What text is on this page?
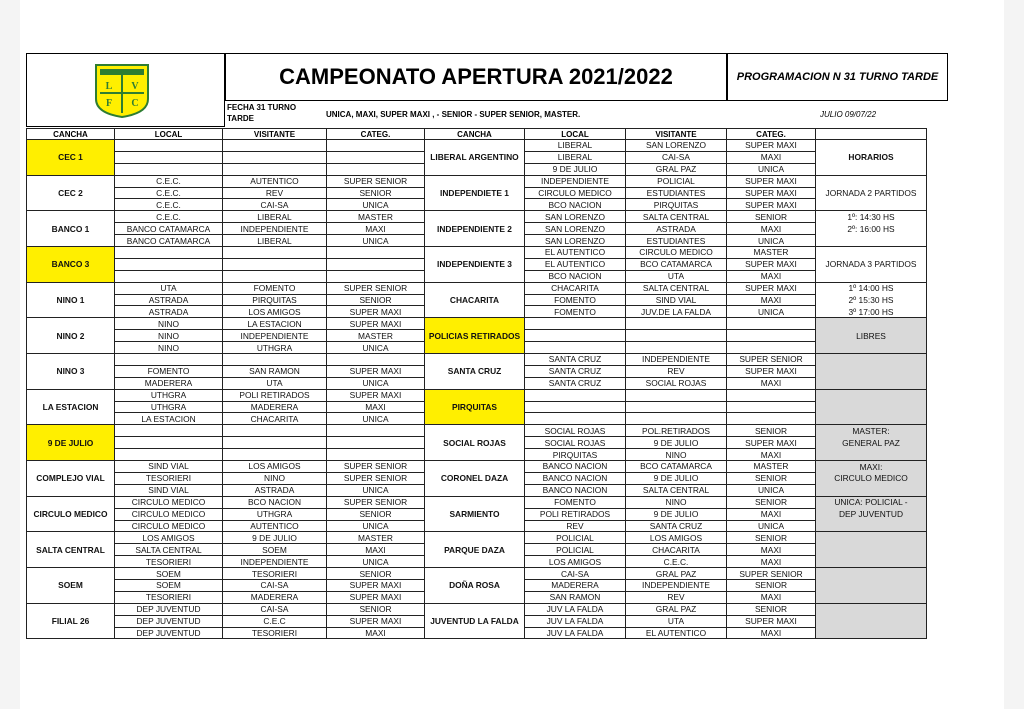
L V
F C
CAMPEONATO APERTURA 2021/2022	PROGRAMACION N 31 TURNO TARDE
FECHA 31 TURNO TARDE	UNICA, MAXI, SUPER MAXI , - SENIOR - SUPER SENIOR, MASTER.	JULIO 09/07/22
CANCHA	LOCAL	VISITANTE	CATEG.	CANCHA	LOCAL	VISITANTE	CATEG.	
CEC 1				LIBERAL ARGENTINO	LIBERAL	SAN LORENZO	SUPER MAXI	
					LIBERAL	CAI-SA	MAXI	HORARIOS
					9 DE JULIO	GRAL PAZ	UNICA	
CEC 2	C.E.C.	AUTENTICO	SUPER SENIOR	INDEPENDIETE 1	INDEPENDIENTE	POLICIAL	SUPER MAXI	
	C.E.C.	REV	SENIOR		CIRCULO MEDICO	ESTUDIANTES	SUPER MAXI	JORNADA 2 PARTIDOS
	C.E.C.	CAI-SA	UNICA		BCO NACION	PIRQUITAS	SUPER MAXI	
BANCO 1	C.E.C.	LIBERAL	MASTER	INDEPENDIENTE 2	SAN LORENZO	SALTA CENTRAL	SENIOR	1º: 14:30 HS
	BANCO CATAMARCA	INDEPENDIENTE	MAXI		SAN LORENZO	ASTRADA	MAXI	2º: 16:00 HS
	BANCO CATAMARCA	LIBERAL	UNICA		SAN LORENZO	ESTUDIANTES	UNICA	
BANCO 3				INDEPENDIENTE 3	EL AUTENTICO	CIRCULO MEDICO	MASTER	
					EL AUTENTICO	BCO CATAMARCA	SUPER MAXI	JORNADA 3 PARTIDOS
					BCO NACION	UTA	MAXI	
NINO 1	UTA	FOMENTO	SUPER SENIOR	CHACARITA	CHACARITA	SALTA CENTRAL	SUPER MAXI	1º 14:00 HS
	ASTRADA	PIRQUITAS	SENIOR		FOMENTO	SIND VIAL	MAXI	2º 15:30 HS
	ASTRADA	LOS AMIGOS	SUPER MAXI		FOMENTO	JUV.DE LA FALDA	UNICA	3º 17:00 HS
NINO 2	NINO	LA ESTACION	SUPER MAXI	POLICIAS RETIRADOS				
	NINO	INDEPENDIENTE	MASTER					LIBRES
	NINO	UTHGRA	UNICA					
NINO 3				SANTA CRUZ	SANTA CRUZ	INDEPENDIENTE	SUPER SENIOR	
	FOMENTO	SAN RAMON	SUPER MAXI		SANTA CRUZ	REV	SUPER MAXI	
	MADERERA	UTA	UNICA		SANTA CRUZ	SOCIAL ROJAS	MAXI	
LA ESTACION	UTHGRA	POLI RETIRADOS	SUPER MAXI	PIRQUITAS				
	UTHGRA	MADERERA	MAXI					
	LA ESTACION	CHACARITA	UNICA					
9 DE JULIO				SOCIAL ROJAS	SOCIAL ROJAS	POL.RETIRADOS	SENIOR	MASTER:
					SOCIAL ROJAS	9 DE JULIO	SUPER MAXI	GENERAL PAZ
					PIRQUITAS	NINO	MAXI	
COMPLEJO VIAL	SIND VIAL	LOS AMIGOS	SUPER SENIOR	CORONEL DAZA	BANCO NACION	BCO CATAMARCA	MASTER	MAXI:
	TESORIERI	NINO	SUPER SENIOR		BANCO NACION	9 DE JULIO	SENIOR	CIRCULO MEDICO
	SIND VIAL	ASTRADA	UNICA		BANCO NACION	SALTA CENTRAL	UNICA	
CIRCULO MEDICO	CIRCULO MEDICO	BCO NACION	SUPER SENIOR	SARMIENTO	FOMENTO	NINO	SENIOR	UNICA: POLICIAL -
	CIRCULO MEDICO	UTHGRA	SENIOR		POLI RETIRADOS	9 DE JULIO	MAXI	DEP JUVENTUD
	CIRCULO MEDICO	AUTENTICO	UNICA		REV	SANTA CRUZ	UNICA	
SALTA CENTRAL	LOS AMIGOS	9 DE JULIO	MASTER	PARQUE DAZA	POLICIAL	LOS AMIGOS	SENIOR	
	SALTA CENTRAL	SOEM	MAXI		POLICIAL	CHACARITA	MAXI	
	TESORIERI	INDEPENDIENTE	UNICA		LOS AMIGOS	C.E.C.	MAXI	
SOEM	SOEM	TESORIERI	SENIOR	DOÑA ROSA	CAI-SA	GRAL PAZ	SUPER SENIOR	
	SOEM	CAI-SA	SUPER MAXI		MADERERA	INDEPENDIENTE	SENIOR	
	TESORIERI	MADERERA	SUPER MAXI		SAN RAMON	REV	MAXI	
FILIAL 26	DEP JUVENTUD	CAI-SA	SENIOR	JUVENTUD LA FALDA	JUV LA FALDA	GRAL PAZ	SENIOR	
	DEP JUVENTUD	C.E.C	SUPER MAXI		JUV LA FALDA	UTA	SUPER MAXI	
	DEP JUVENTUD	TESORIERI	MAXI		JUV LA FALDA	EL AUTENTICO	MAXI	
